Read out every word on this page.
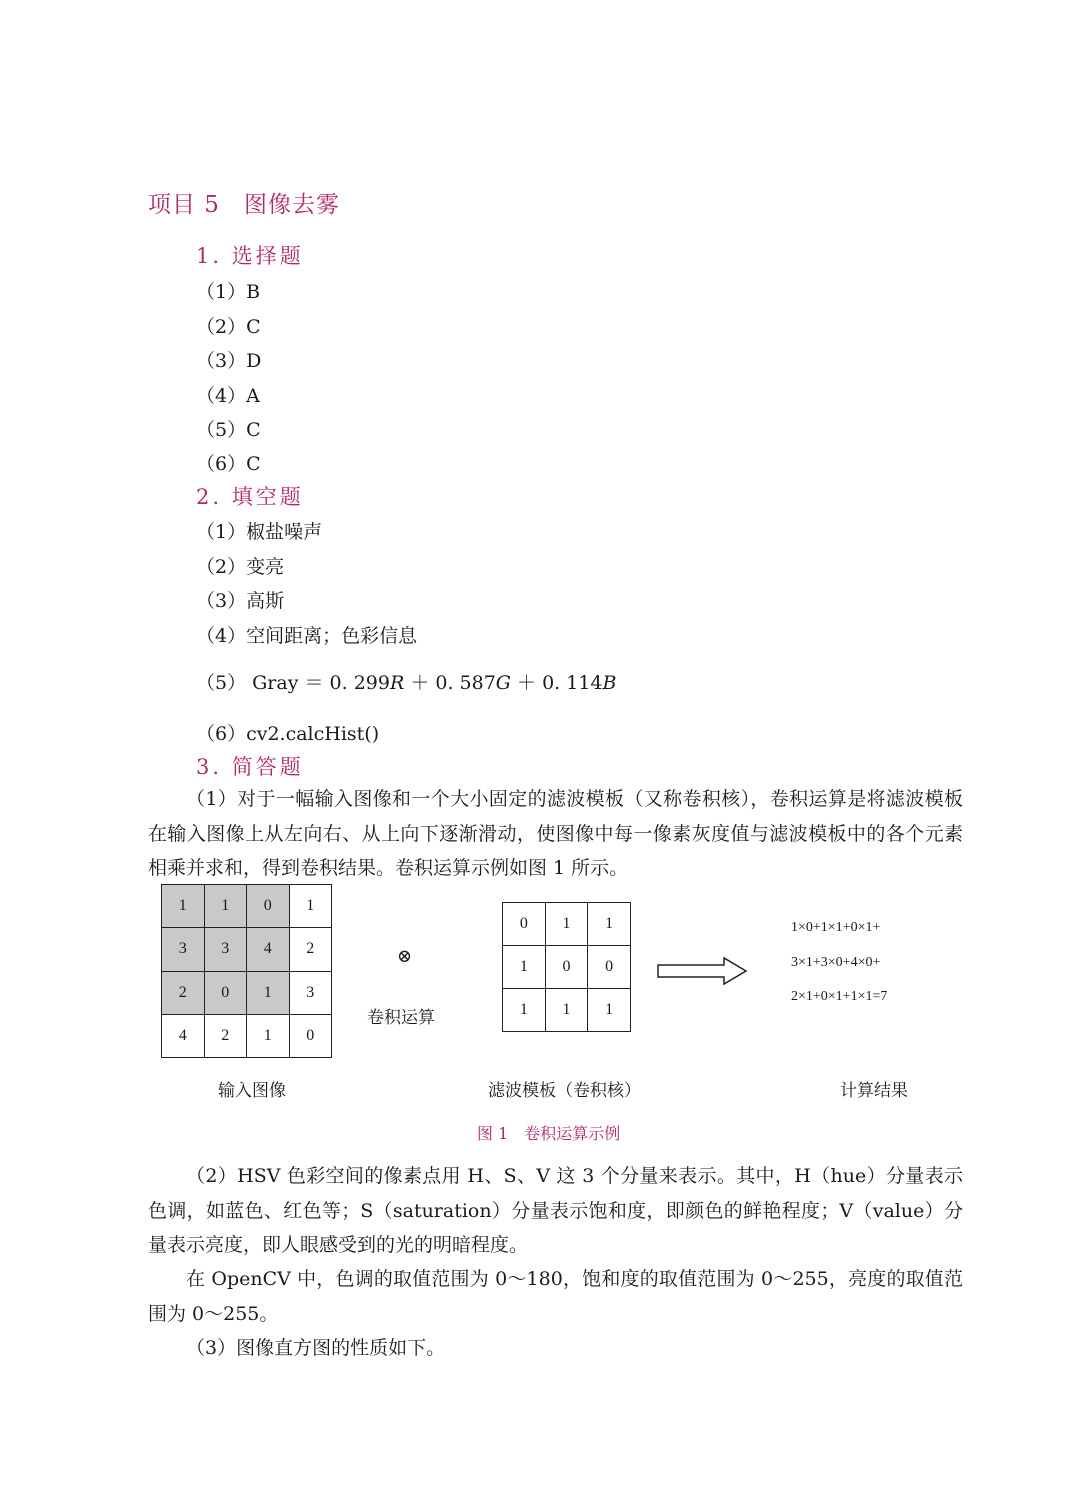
项目 5　图像去雾
1. 选择题
（1）B
（2）C
（3）D
（4）A
（5）C
（6）C
2. 填空题
（1）椒盐噪声
（2）变亮
（3）高斯
（4）空间距离；色彩信息
（5） Gray ＝ 0. 299R ＋ 0. 587G ＋ 0. 114B
（6）cv2.calcHist()
3. 简答题
（1）对于一幅输入图像和一个大小固定的滤波模板（又称卷积核），卷积运算是将滤波模板在输入图像上从左向右、从上向下逐渐滑动，使图像中每一像素灰度值与滤波模板中的各个元素相乘并求和，得到卷积结果。卷积运算示例如图 1 所示。
1	1	0	1
3	3	4	2
2	0	1	3
4	2	1	0
⊗
卷积运算
0	1	1
1	0	0
1	1	1
1×0+1×1+0×1+
3×1+3×0+4×0+
2×1+0×1+1×1=7
输入图像	滤波模板（卷积核）	计算结果
图 1　卷积运算示例
（2）HSV 色彩空间的像素点用 H、S、V 这 3 个分量来表示。其中，H（hue）分量表示色调，如蓝色、红色等；S（saturation）分量表示饱和度，即颜色的鲜艳程度；V（value）分量表示亮度，即人眼感受到的光的明暗程度。
在 OpenCV 中，色调的取值范围为 0～180，饱和度的取值范围为 0～255，亮度的取值范围为 0～255。
（3）图像直方图的性质如下。
